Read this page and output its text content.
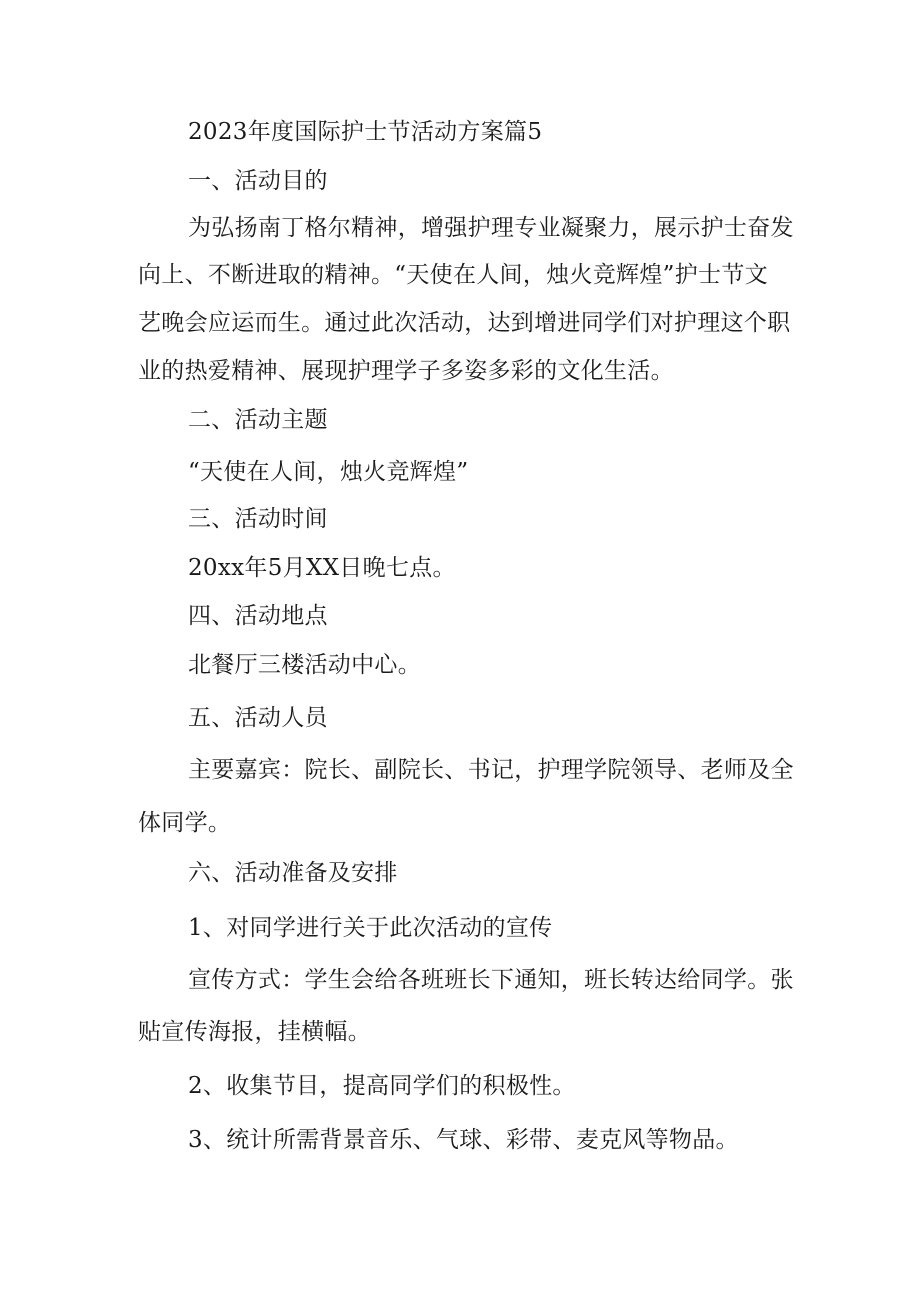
2023年度国际护士节活动方案篇5
一、活动目的
为弘扬南丁格尔精神，增强护理专业凝聚力，展示护士奋发
向上、不断进取的精神。“天使在人间，烛火竞辉煌”护士节文
艺晚会应运而生。通过此次活动，达到增进同学们对护理这个职
业的热爱精神、展现护理学子多姿多彩的文化生活。
二、活动主题
“天使在人间，烛火竞辉煌”
三、活动时间
20xx年5月XX日晚七点。
四、活动地点
北餐厅三楼活动中心。
五、活动人员
主要嘉宾：院长、副院长、书记，护理学院领导、老师及全
体同学。
六、活动准备及安排
1、对同学进行关于此次活动的宣传
宣传方式：学生会给各班班长下通知，班长转达给同学。张
贴宣传海报，挂横幅。
2、收集节目，提高同学们的积极性。
3、统计所需背景音乐、气球、彩带、麦克风等物品。
